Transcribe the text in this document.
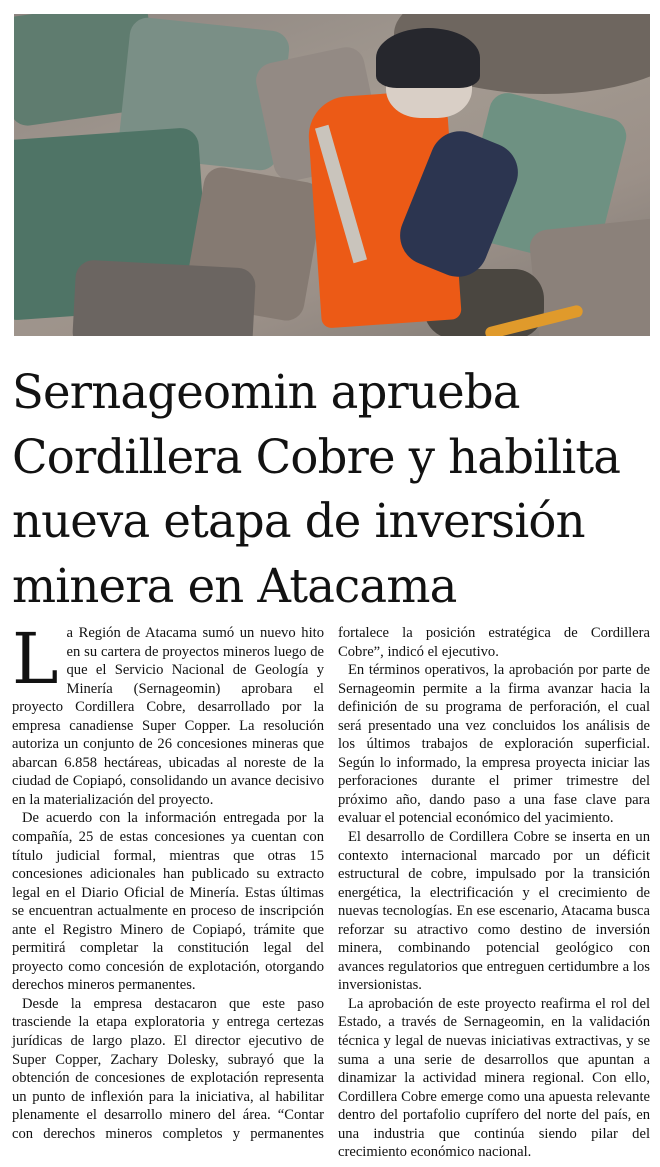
Sernageomin aprueba Cordillera Cobre y habilita nueva etapa de inversión minera en Atacama

La Región de Atacama sumó un nuevo hito en su cartera de proyectos mineros luego de que el Servicio Nacional de Geología y Minería (Sernageomin) aprobara el proyecto Cordillera Cobre, desarrollado por la empresa canadiense Super Copper. La resolución autoriza un conjunto de 26 concesiones mineras que abarcan 6.858 hectáreas, ubicadas al noreste de la ciudad de Copiapó, consolidando un avance decisivo en la materialización del proyecto.

De acuerdo con la información entregada por la compañía, 25 de estas concesiones ya cuentan con título judicial formal, mientras que otras 15 concesiones adicionales han publicado su extracto legal en el Diario Oficial de Minería. Estas últimas se encuentran actualmente en proceso de inscripción ante el Registro Minero de Copiapó, trámite que permitirá completar la constitución legal del proyecto como concesión de explotación, otorgando derechos mineros permanentes.

Desde la empresa destacaron que este paso trasciende la etapa exploratoria y entrega certezas jurídicas de largo plazo. El director ejecutivo de Super Copper, Zachary Dolesky, subrayó que la obtención de concesiones de explotación representa un punto de inflexión para la iniciativa, al habilitar plenamente el desarrollo minero del área. “Contar con derechos mineros completos y permanentes fortalece la posición estratégica de Cordillera Cobre”, indicó el ejecutivo.

En términos operativos, la aprobación por parte de Sernageomin permite a la firma avanzar hacia la definición de su programa de perforación, el cual será presentado una vez concluidos los análisis de los últimos trabajos de exploración superficial. Según lo informado, la empresa proyecta iniciar las perforaciones durante el primer trimestre del próximo año, dando paso a una fase clave para evaluar el potencial económico del yacimiento.

El desarrollo de Cordillera Cobre se inserta en un contexto internacional marcado por un déficit estructural de cobre, impulsado por la transición energética, la electrificación y el crecimiento de nuevas tecnologías. En ese escenario, Atacama busca reforzar su atractivo como destino de inversión minera, combinando potencial geológico con avances regulatorios que entreguen certidumbre a los inversionistas.

La aprobación de este proyecto reafirma el rol del Estado, a través de Sernageomin, en la validación técnica y legal de nuevas iniciativas extractivas, y se suma a una serie de desarrollos que apuntan a dinamizar la actividad minera regional. Con ello, Cordillera Cobre emerge como una apuesta relevante dentro del portafolio cuprífero del norte del país, en una industria que continúa siendo pilar del crecimiento económico nacional.
